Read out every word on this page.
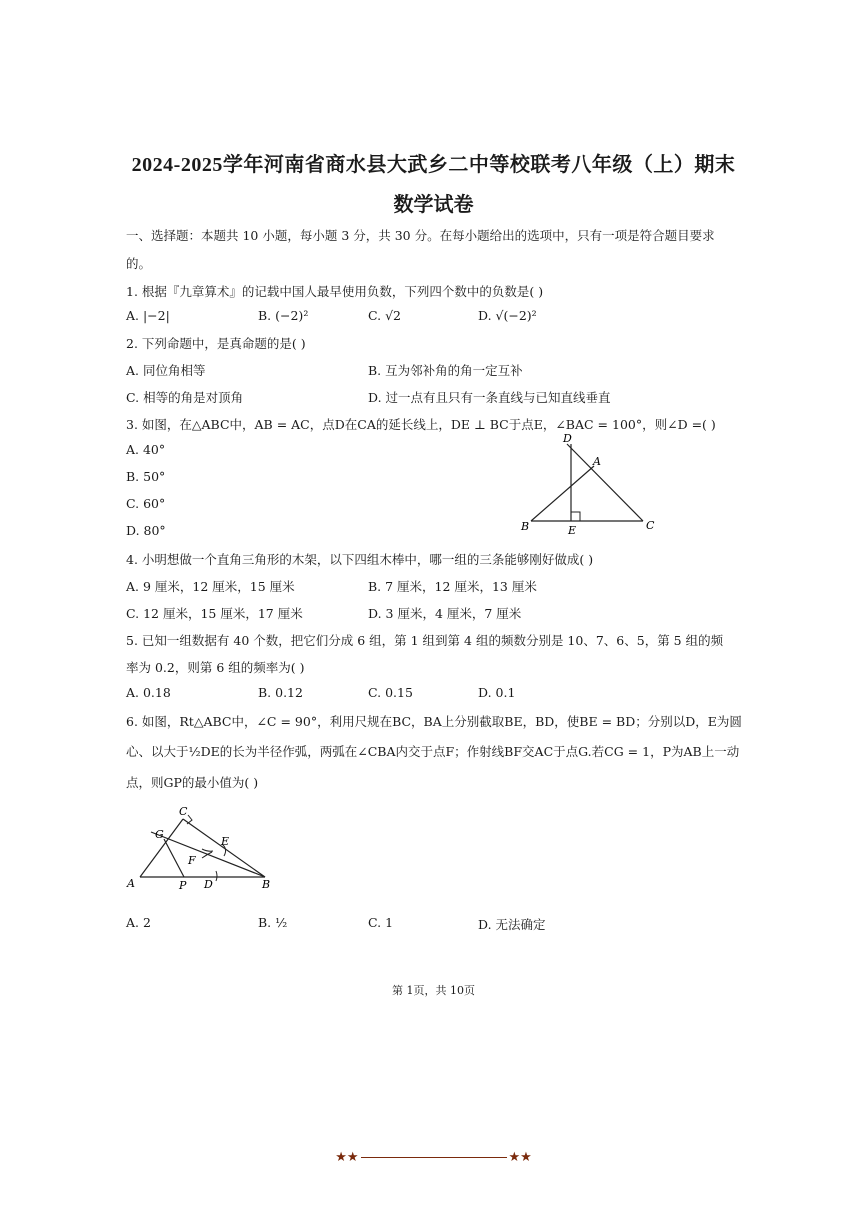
2024-2025学年河南省商水县大武乡二中等校联考八年级（上）期末
数学试卷
一、选择题：本题共 10 小题，每小题 3 分，共 30 分。在每小题给出的选项中，只有一项是符合题目要求
的。
1. 根据『九章算术』的记载中国人最早使用负数，下列四个数中的负数是( )
A. |−2|	B. (−2)²	C. √2	D. √(−2)²
2. 下列命题中，是真命题的是( )
A. 同位角相等	B. 互为邻补角的角一定互补
C. 相等的角是对顶角	D. 过一点有且只有一条直线与已知直线垂直
3. 如图，在△ABC中，AB = AC，点D在CA的延长线上，DE ⊥ BC于点E，∠BAC = 100°，则∠D =( )
A. 40°
B. 50°
C. 60°
D. 80°
D
A
B	E	C
4. 小明想做一个直角三角形的木架，以下四组木棒中，哪一组的三条能够刚好做成( )
A. 9 厘米，12 厘米，15 厘米	B. 7 厘米，12 厘米，13 厘米
C. 12 厘米，15 厘米，17 厘米	D. 3 厘米，4 厘米，7 厘米
5. 已知一组数据有 40 个数，把它们分成 6 组，第 1 组到第 4 组的频数分别是 10、7、6、5，第 5 组的频
率为 0.2，则第 6 组的频率为( )
A. 0.18	B. 0.12	C. 0.15	D. 0.1
6. 如图，Rt△ABC中，∠C = 90°，利用尺规在BC，BA上分别截取BE，BD，使BE = BD；分别以D，E为圆
心、以大于½DE的长为半径作弧，两弧在∠CBA内交于点F；作射线BF交AC于点G.若CG = 1，P为AB上一动
点，则GP的最小值为( )
C
G
E
F
A	P D	B
A. 2	B. ½	C. 1	D. 无法确定
第 1页，共 10页
★★	★★
